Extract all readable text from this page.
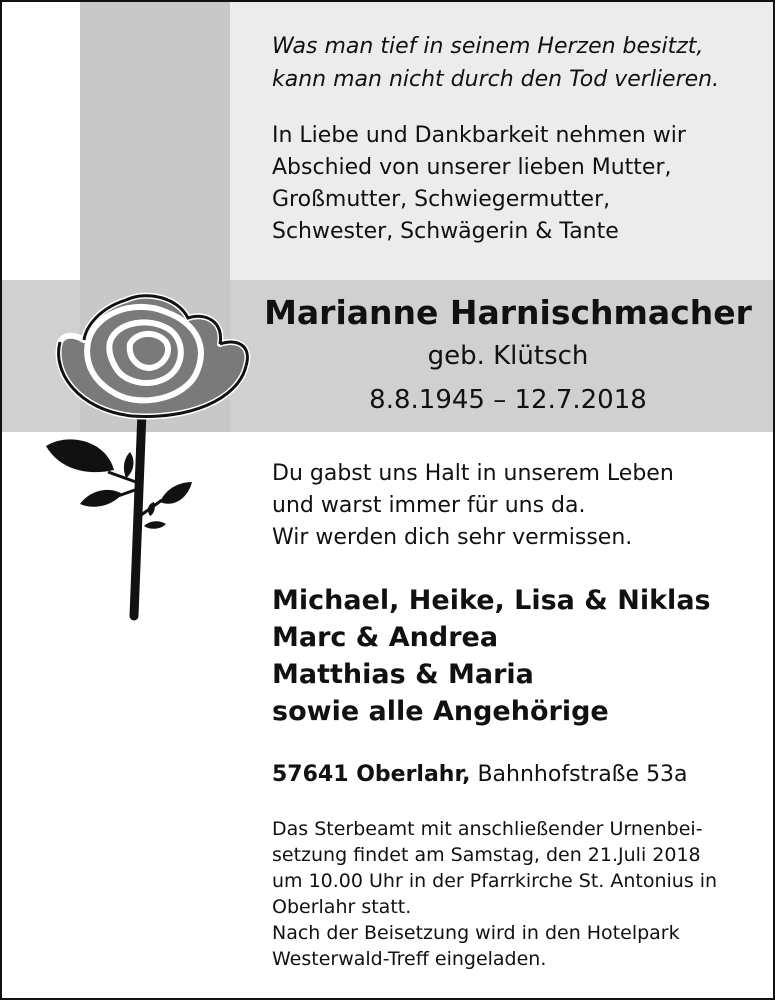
Was man tief in seinem Herzen besitzt,
kann man nicht durch den Tod verlieren.
In Liebe und Dankbarkeit nehmen wir
Abschied von unserer lieben Mutter,
Großmutter, Schwiegermutter,
Schwester, Schwägerin & Tante
Marianne Harnischmacher
geb. Klütsch
8.8.1945 – 12.7.2018
Du gabst uns Halt in unserem Leben
und warst immer für uns da.
Wir werden dich sehr vermissen.
Michael, Heike, Lisa & Niklas
Marc & Andrea
Matthias & Maria
sowie alle Angehörige
57641 Oberlahr, Bahnhofstraße 53a
Das Sterbeamt mit anschließender Urnenbei-
setzung findet am Samstag, den 21.Juli 2018
um 10.00 Uhr in der Pfarrkirche St. Antonius in
Oberlahr statt.
Nach der Beisetzung wird in den Hotelpark
Westerwald-Treff eingeladen.
